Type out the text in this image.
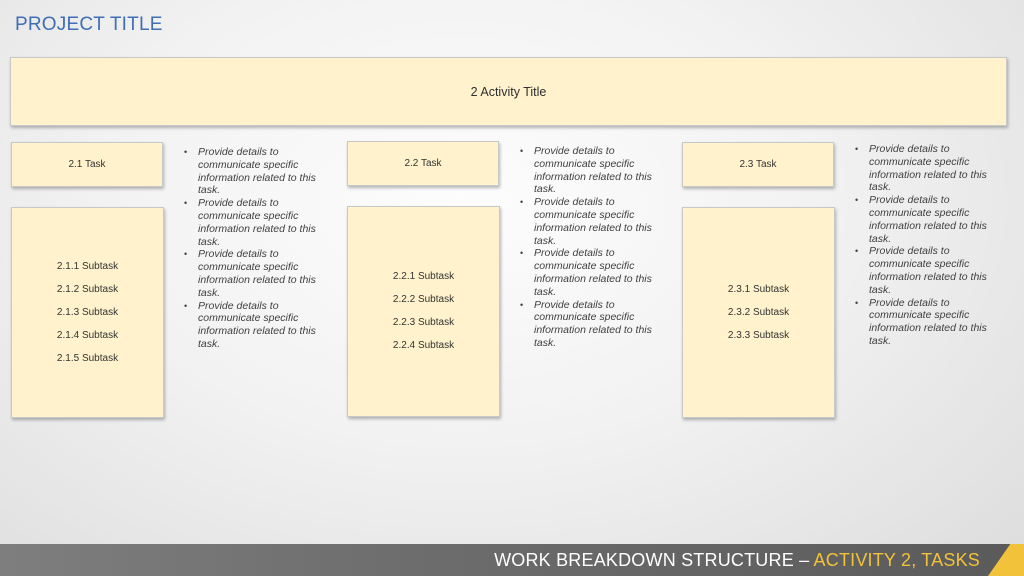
PROJECT TITLE
2 Activity Title
2.1 Task
2.1.1 Subtask
2.1.2 Subtask
2.1.3 Subtask
2.1.4 Subtask
2.1.5 Subtask
• Provide details to communicate specific information related to this task.
• Provide details to communicate specific information related to this task.
• Provide details to communicate specific information related to this task.
• Provide details to communicate specific information related to this task.
2.2 Task
2.2.1 Subtask
2.2.2 Subtask
2.2.3 Subtask
2.2.4 Subtask
• Provide details to communicate specific information related to this task.
• Provide details to communicate specific information related to this task.
• Provide details to communicate specific information related to this task.
• Provide details to communicate specific information related to this task.
2.3 Task
2.3.1 Subtask
2.3.2 Subtask
2.3.3 Subtask
• Provide details to communicate specific information related to this task.
• Provide details to communicate specific information related to this task.
• Provide details to communicate specific information related to this task.
• Provide details to communicate specific information related to this task.
WORK BREAKDOWN STRUCTURE – ACTIVITY 2, TASKS
